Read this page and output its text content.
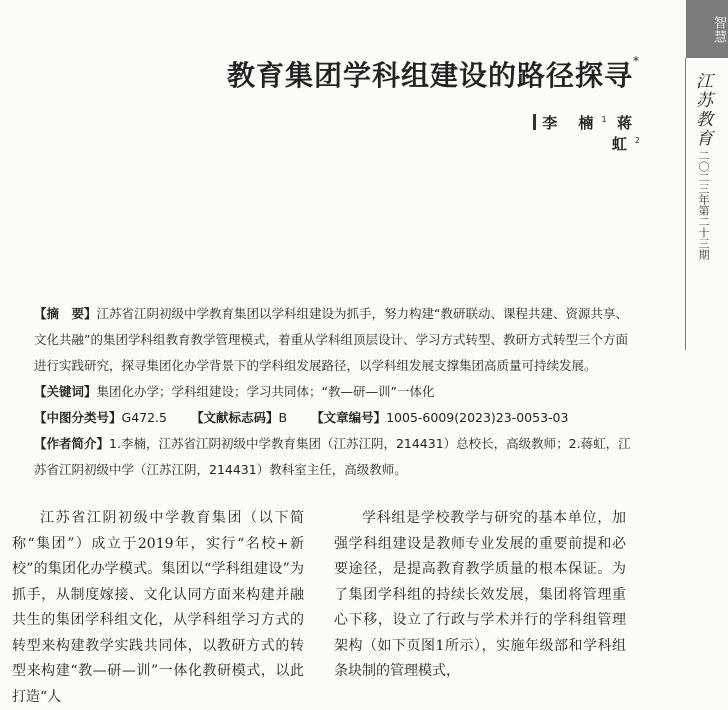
智慧
江苏教育
二〇二三年第二十三期
教育集团学科组建设的路径探寻*
李 楠$^1$ 蒋 虹$^2$

【摘　要】江苏省江阴初级中学教育集团以学科组建设为抓手，努力构建“教研联动、课程共建、资源共享、文化共融”的集团学科组教育教学管理模式，着重从学科组顶层设计、学习方式转型、教研方式转型三个方面进行实践研究，探寻集团化办学背景下的学科组发展路径，以学科组发展支撑集团高质量可持续发展。

【关键词】集团化办学；学科组建设；学习共同体；“教—研—训”一体化

【中图分类号】G472.5 【文献标志码】B 【文章编号】1005-6009(2023)23-0053-03

【作者简介】1.李楠，江苏省江阴初级中学教育集团（江苏江阴，214431）总校长，高级教师；2.蒋虹，江苏省江阴初级中学（江苏江阴，214431）教科室主任，高级教师。

江苏省江阴初级中学教育集团（以下简称“集团”）成立于2019年，实行“名校+新校”的集团化办学模式。集团以“学科组建设”为抓手，从制度嫁接、文化认同方面来构建并融共生的集团学科组文化，从学科组学习方式的转型来构建教学实践共同体，以教研方式的转型来构建“教—研—训”一体化教研模式，以此打造“人

学科组是学校教学与研究的基本单位，加强学科组建设是教师专业发展的重要前提和必要途径，是提高教育教学质量的根本保证。为了集团学科组的持续长效发展，集团将管理重心下移，设立了行政与学术并行的学科组管理架构（如下页图1所示），实施年级部和学科组条块制的管理模式，
